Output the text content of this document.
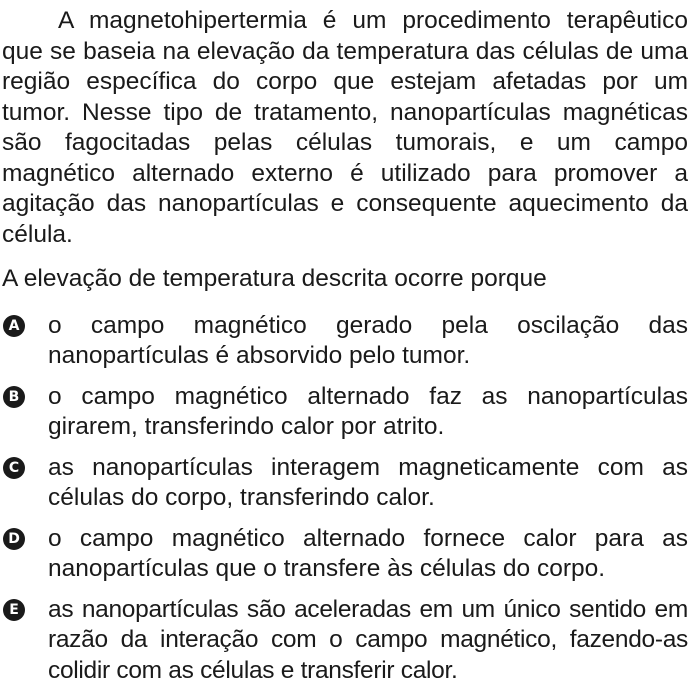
A magnetohipertermia é um procedimento terapêutico que se baseia na elevação da temperatura das células de uma região específica do corpo que estejam afetadas por um tumor. Nesse tipo de tratamento, nanopartículas magnéticas são fagocitadas pelas células tumorais, e um campo magnético alternado externo é utilizado para promover a agitação das nanopartículas e consequente aquecimento da célula.

A elevação de temperatura descrita ocorre porque

A o campo magnético gerado pela oscilação das nanopartículas é absorvido pelo tumor.
B o campo magnético alternado faz as nanopartículas girarem, transferindo calor por atrito.
C as nanopartículas interagem magneticamente com as células do corpo, transferindo calor.
D o campo magnético alternado fornece calor para as nanopartículas que o transfere às células do corpo.
E as nanopartículas são aceleradas em um único sentido em razão da interação com o campo magnético, fazendo-as colidir com as células e transferir calor.
